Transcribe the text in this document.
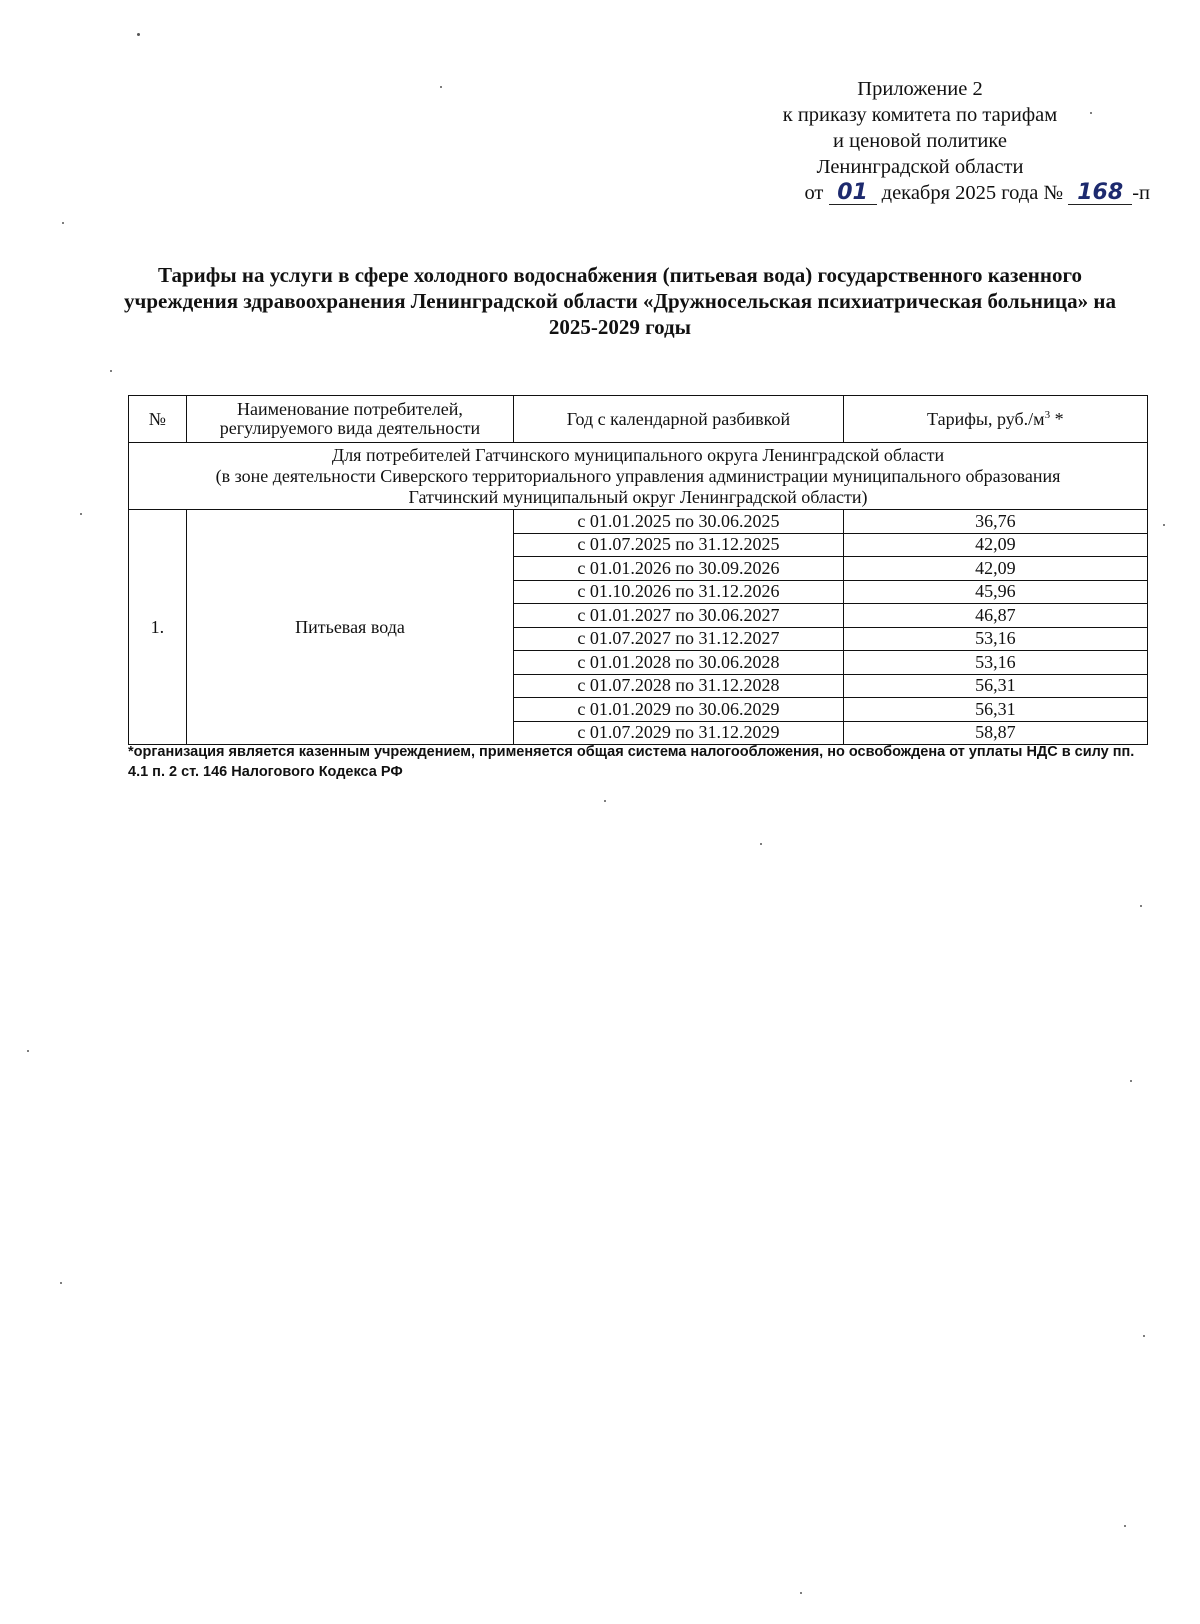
Приложение 2
к приказу комитета по тарифам
и ценовой политике
Ленинградской области
от 01 декабря 2025 года № 168 -п
Тарифы на услуги в сфере холодного водоснабжения (питьевая вода) государственного казенного учреждения здравоохранения Ленинградской области «Дружносельская психиатрическая больница» на 2025-2029 годы
№	Наименование потребителей, регулируемого вида деятельности	Год с календарной разбивкой	Тарифы, $руб./м^3$ *

Для потребителей Гатчинского муниципального округа Ленинградской области
(в зоне деятельности Сиверского территориального управления администрации муниципального образования
Гатчинский муниципальный округ Ленинградской области)			

1.	Питьевая вода	с 01.01.2025 по 30.06.2025	36,76
		с 01.07.2025 по 31.12.2025	42,09
		с 01.01.2026 по 30.09.2026	42,09
		с 01.10.2026 по 31.12.2026	45,96
		с 01.01.2027 по 30.06.2027	46,87
		с 01.07.2027 по 31.12.2027	53,16
		с 01.01.2028 по 30.06.2028	53,16
		с 01.07.2028 по 31.12.2028	56,31
		с 01.01.2029 по 30.06.2029	56,31
		с 01.07.2029 по 31.12.2029	58,87
*организация является казенным учреждением, применяется общая система налогообложения, но освобождена от уплаты НДС в силу пп. 4.1 п. 2 ст. 146 Налогового Кодекса РФ
